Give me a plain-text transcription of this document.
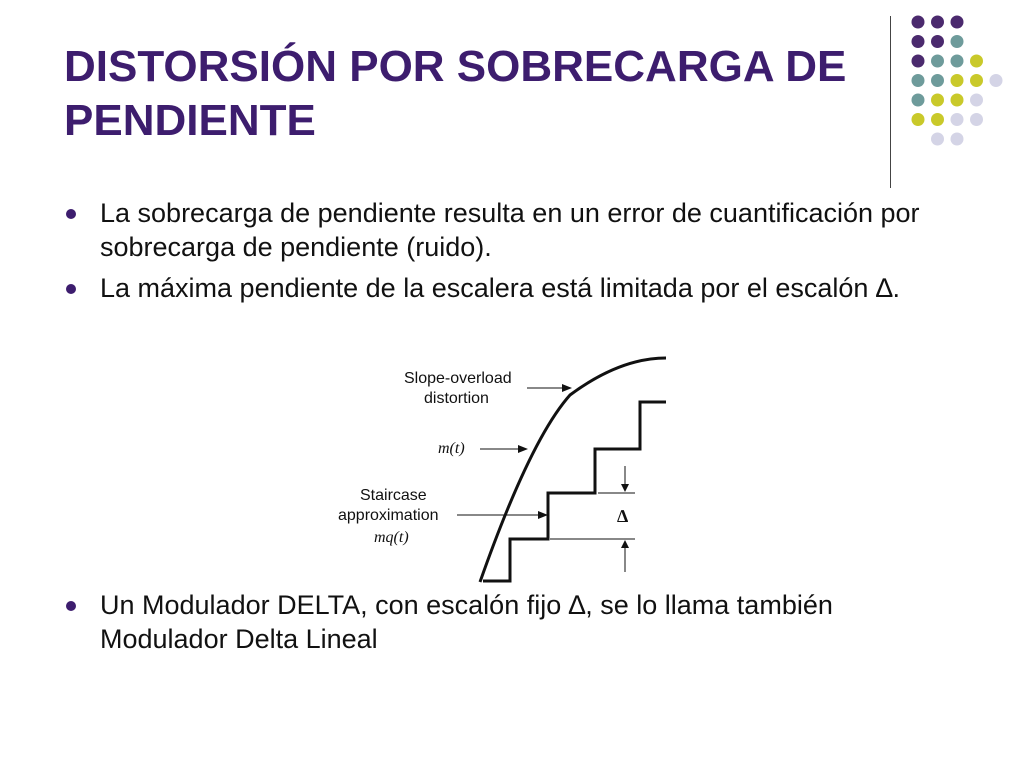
DISTORSIÓN POR SOBRECARGA DE PENDIENTE
La sobrecarga de pendiente resulta en un error de cuantificación por sobrecarga de pendiente (ruido).
La máxima pendiente de la escalera está limitada por el escalón ∆.
Un Modulador DELTA, con escalón fijo ∆, se lo llama también Modulador Delta Lineal
∆
Slope-overload
distortion
m(t)
Staircase
approximation
mq(t)
